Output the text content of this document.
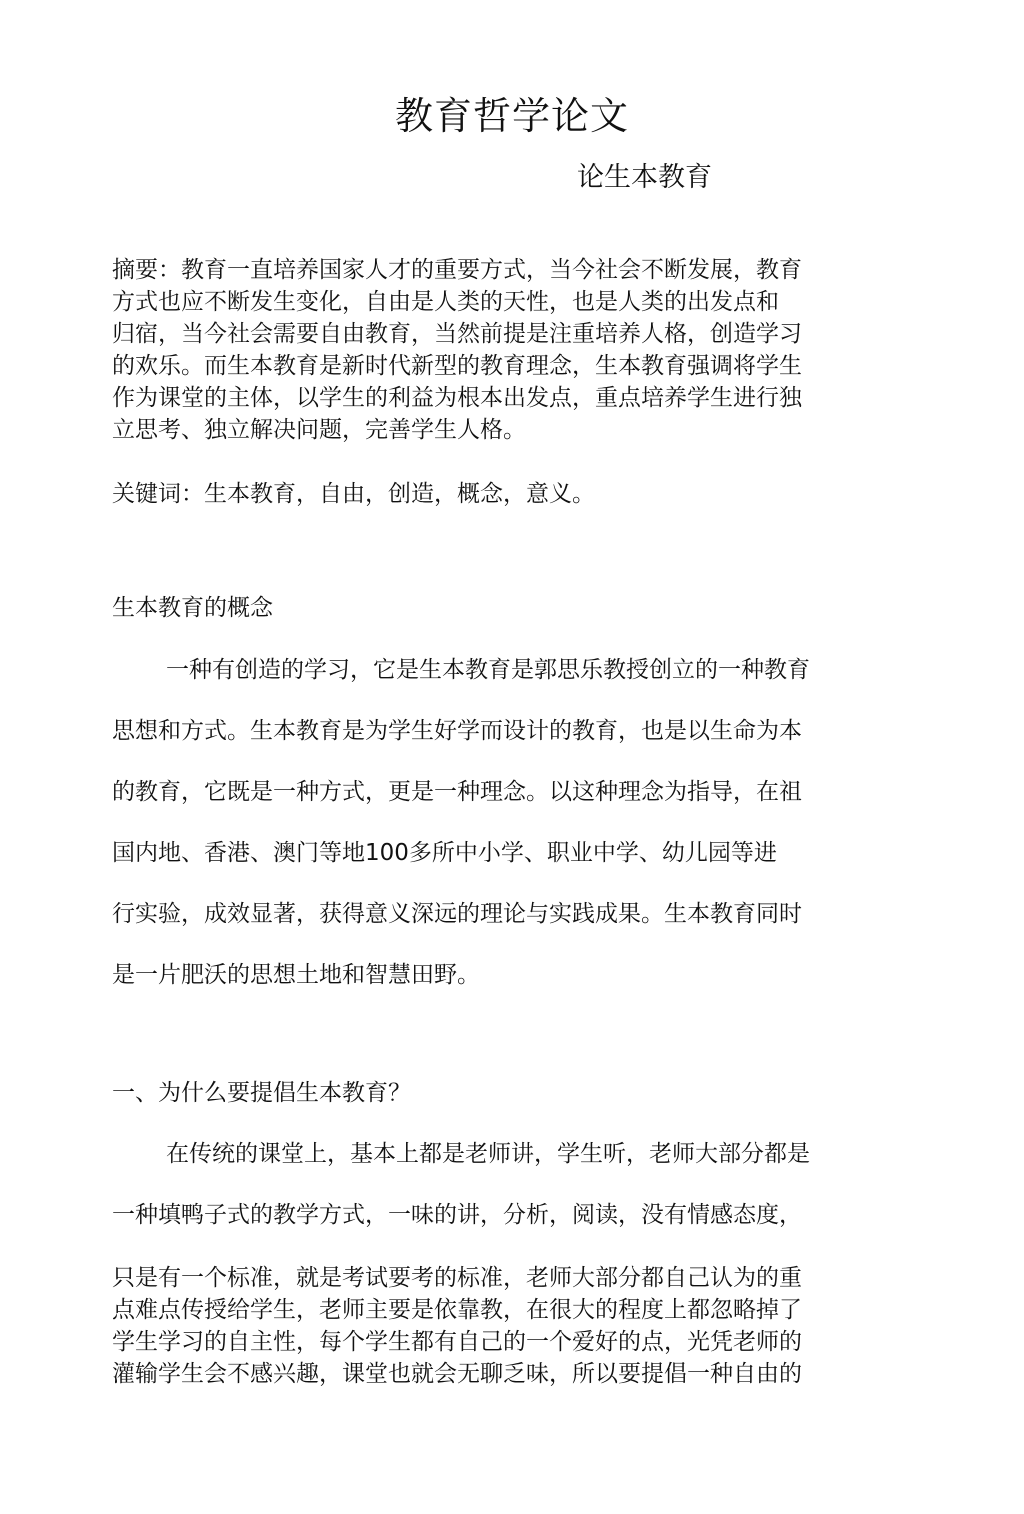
教育哲学论文
论生本教育
摘要：教育一直培养国家人才的重要方式，当今社会不断发展，教育
方式也应不断发生变化，自由是人类的天性，也是人类的出发点和
归宿，当今社会需要自由教育，当然前提是注重培养人格，创造学习
的欢乐。而生本教育是新时代新型的教育理念，生本教育强调将学生
作为课堂的主体，以学生的利益为根本出发点，重点培养学生进行独
立思考、独立解决问题，完善学生人格。
关键词：生本教育，自由，创造，概念，意义。
生本教育的概念
一种有创造的学习，它是生本教育是郭思乐教授创立的一种教育
思想和方式。生本教育是为学生好学而设计的教育，也是以生命为本
的教育，它既是一种方式，更是一种理念。以这种理念为指导，在祖
国内地、香港、澳门等地100多所中小学、职业中学、幼儿园等进
行实验，成效显著，获得意义深远的理论与实践成果。生本教育同时
是一片肥沃的思想土地和智慧田野。
一、为什么要提倡生本教育？
在传统的课堂上，基本上都是老师讲，学生听，老师大部分都是
一种填鸭子式的教学方式，一味的讲，分析，阅读，没有情感态度，
只是有一个标准，就是考试要考的标准，老师大部分都自己认为的重
点难点传授给学生，老师主要是依靠教，在很大的程度上都忽略掉了
学生学习的自主性，每个学生都有自己的一个爱好的点，光凭老师的
灌输学生会不感兴趣，课堂也就会无聊乏味，所以要提倡一种自由的
